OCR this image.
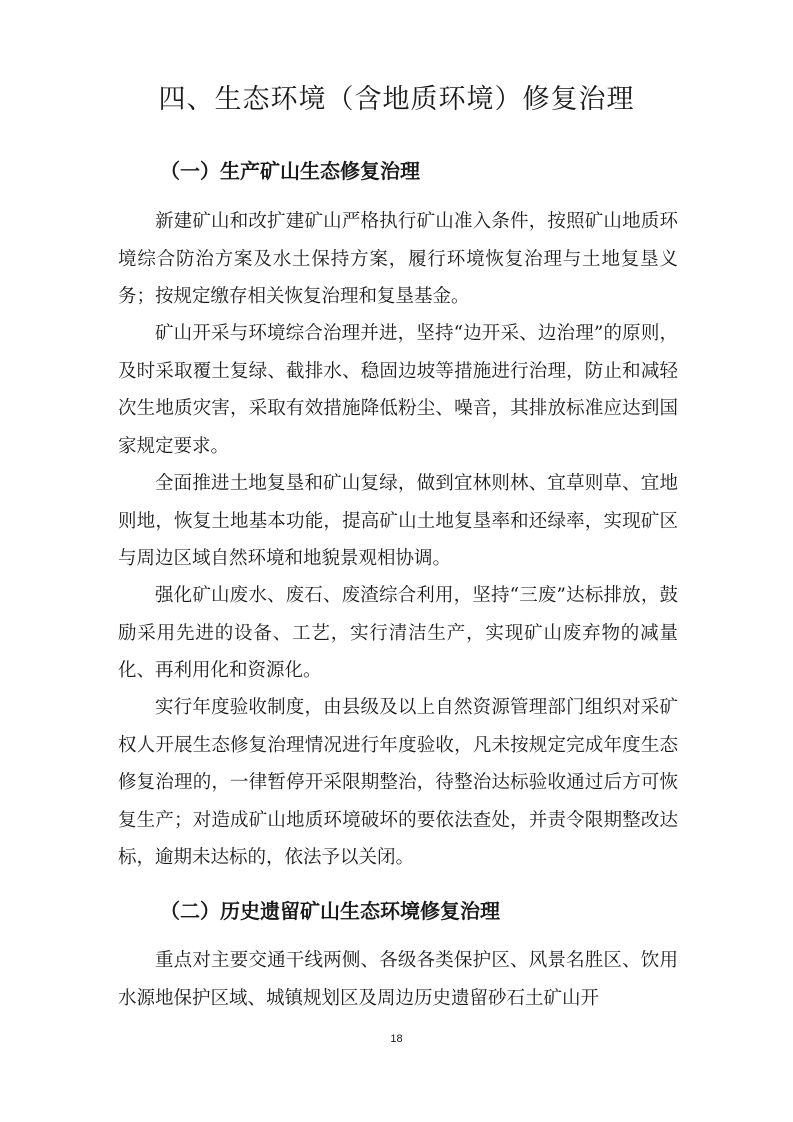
四、生态环境（含地质环境）修复治理
（一）生产矿山生态修复治理

新建矿山和改扩建矿山严格执行矿山准入条件，按照矿山地质环境综合防治方案及水土保持方案，履行环境恢复治理与土地复垦义务；按规定缴存相关恢复治理和复垦基金。

矿山开采与环境综合治理并进，坚持“边开采、边治理”的原则，及时采取覆土复绿、截排水、稳固边坡等措施进行治理，防止和减轻次生地质灾害，采取有效措施降低粉尘、噪音，其排放标准应达到国家规定要求。

全面推进土地复垦和矿山复绿，做到宜林则林、宜草则草、宜地则地，恢复土地基本功能，提高矿山土地复垦率和还绿率，实现矿区与周边区域自然环境和地貌景观相协调。

强化矿山废水、废石、废渣综合利用，坚持“三废”达标排放，鼓励采用先进的设备、工艺，实行清洁生产，实现矿山废弃物的减量化、再利用化和资源化。

实行年度验收制度，由县级及以上自然资源管理部门组织对采矿权人开展生态修复治理情况进行年度验收，凡未按规定完成年度生态修复治理的，一律暂停开采限期整治，待整治达标验收通过后方可恢复生产；对造成矿山地质环境破坏的要依法查处，并责令限期整改达标，逾期未达标的，依法予以关闭。

（二）历史遗留矿山生态环境修复治理

重点对主要交通干线两侧、各级各类保护区、风景名胜区、饮用水源地保护区域、城镇规划区及周边历史遗留砂石土矿山开

18
